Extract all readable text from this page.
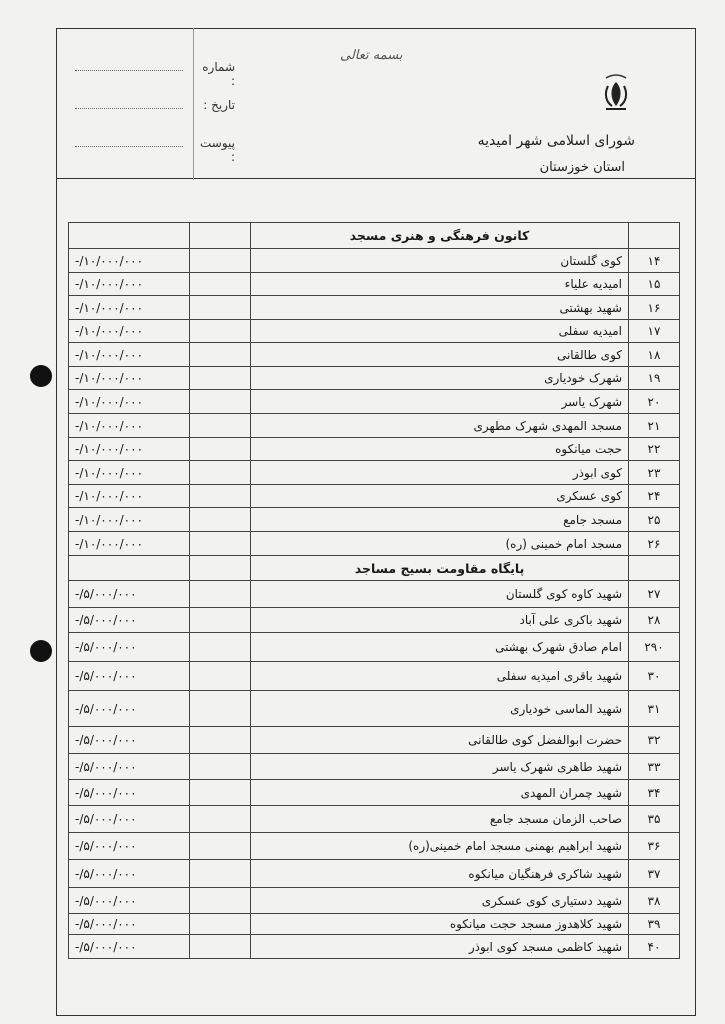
شماره :
تاریخ :
پیوست :
بسمه تعالی
شورای اسلامی شهر امیدیه
استان خوزستان
		کانون فرهنگی و هنری مسجد	
-/۱۰/۰۰۰/۰۰۰		کوی گلستان	۱۴
-/۱۰/۰۰۰/۰۰۰		امیدیه علیاء	۱۵
-/۱۰/۰۰۰/۰۰۰		شهید بهشتی	۱۶
-/۱۰/۰۰۰/۰۰۰		امیدیه سفلی	۱۷
-/۱۰/۰۰۰/۰۰۰		کوی طالقانی	۱۸
-/۱۰/۰۰۰/۰۰۰		شهرک خودیاری	۱۹
-/۱۰/۰۰۰/۰۰۰		شهرک یاسر	۲۰
-/۱۰/۰۰۰/۰۰۰		مسجد المهدی شهرک مطهری	۲۱
-/۱۰/۰۰۰/۰۰۰		حجت میانکوه	۲۲
-/۱۰/۰۰۰/۰۰۰		کوی ابوذر	۲۳
-/۱۰/۰۰۰/۰۰۰		کوی عسکری	۲۴
-/۱۰/۰۰۰/۰۰۰		مسجد جامع	۲۵
-/۱۰/۰۰۰/۰۰۰		مسجد امام خمینی (ره)	۲۶
		پایگاه مقاومت بسیج مساجد	
-/۵/۰۰۰/۰۰۰		شهید کاوه کوی گلستان	۲۷
-/۵/۰۰۰/۰۰۰		شهید باکری علی آباد	۲۸
-/۵/۰۰۰/۰۰۰		امام صادق شهرک بهشتی	۲۹۰
-/۵/۰۰۰/۰۰۰		شهید باقری امیدیه سفلی	۳۰
-/۵/۰۰۰/۰۰۰		شهید الماسی خودیاری	۳۱
-/۵/۰۰۰/۰۰۰		حضرت ابوالفضل کوی طالقانی	۳۲
-/۵/۰۰۰/۰۰۰		شهید طاهری شهرک یاسر	۳۳
-/۵/۰۰۰/۰۰۰		شهید چمران المهدی	۳۴
-/۵/۰۰۰/۰۰۰		صاحب الزمان مسجد جامع	۳۵
-/۵/۰۰۰/۰۰۰		شهید ابراهیم بهمنی مسجد امام خمینی(ره)	۳۶
-/۵/۰۰۰/۰۰۰		شهید شاکری فرهنگیان میانکوه	۳۷
-/۵/۰۰۰/۰۰۰		شهید دستیاری کوی عسکری	۳۸
-/۵/۰۰۰/۰۰۰		شهید کلاهدوز مسجد حجت میانکوه	۳۹
-/۵/۰۰۰/۰۰۰		شهید کاظمی مسجد کوی ابوذر	۴۰
